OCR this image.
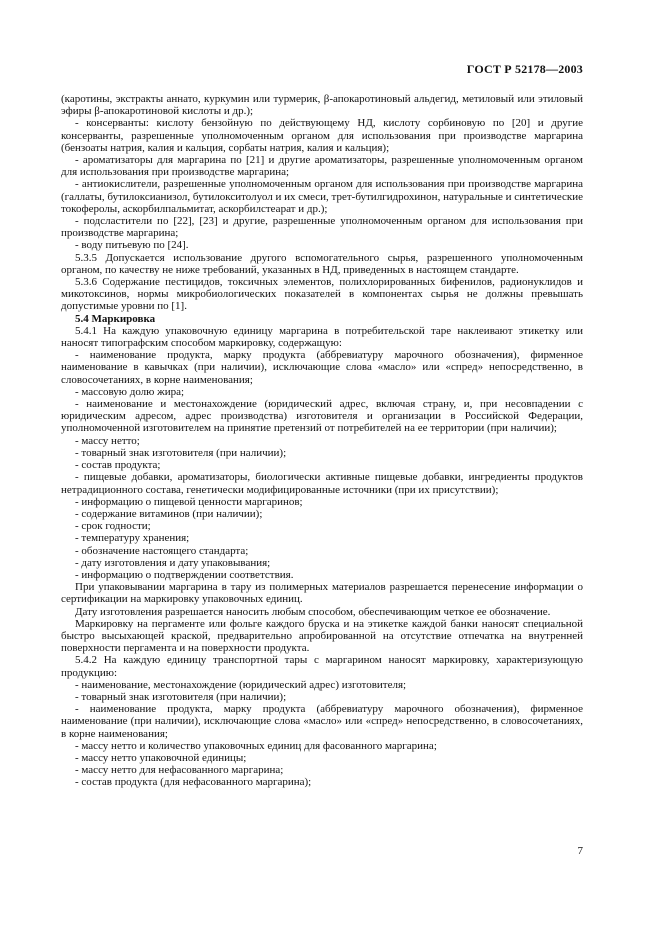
ГОСТ Р 52178—2003

(каротины, экстракты аннато, куркумин или турмерик, β-апокаротиновый альдегид, метиловый или этиловый эфиры β-апокаротиновой кислоты и др.);

- консерванты: кислоту бензойную по действующему НД, кислоту сорбиновую по [20] и другие консерванты, разрешенные уполномоченным органом для использования при производстве маргарина (бензоаты натрия, калия и кальция, сорбаты натрия, калия и кальция);

- ароматизаторы для маргарина по [21] и другие ароматизаторы, разрешенные уполномоченным органом для использования при производстве маргарина;

- антиокислители, разрешенные уполномоченным органом для использования при производстве маргарина (галлаты, бутилоксианизол, бутилокситолуол и их смеси, трет-бутилгидрохинон, натуральные и синтетические токоферолы, аскорбилпальмитат, аскорбилстеарат и др.);

- подсластители по [22], [23] и другие, разрешенные уполномоченным органом для использования при производстве маргарина;

- воду питьевую по [24].

5.3.5 Допускается использование другого вспомогательного сырья, разрешенного уполномоченным органом, по качеству не ниже требований, указанных в НД, приведенных в настоящем стандарте.

5.3.6 Содержание пестицидов, токсичных элементов, полихлорированных бифенилов, радионуклидов и микотоксинов, нормы микробиологических показателей в компонентах сырья не должны превышать допустимые уровни по [1].

5.4 Маркировка

5.4.1 На каждую упаковочную единицу маргарина в потребительской таре наклеивают этикетку или наносят типографским способом маркировку, содержащую:

- наименование продукта, марку продукта (аббревиатуру марочного обозначения), фирменное наименование в кавычках (при наличии), исключающие слова «масло» или «спред» непосредственно, в словосочетаниях, в корне наименования;

- массовую долю жира;

- наименование и местонахождение (юридический адрес, включая страну, и, при несовпадении с юридическим адресом, адрес производства) изготовителя и организации в Российской Федерации, уполномоченной изготовителем на принятие претензий от потребителей на ее территории (при наличии);

- массу нетто;

- товарный знак изготовителя (при наличии);

- состав продукта;

- пищевые добавки, ароматизаторы, биологически активные пищевые добавки, ингредиенты продуктов нетрадиционного состава, генетически модифицированные источники (при их присутствии);

- информацию о пищевой ценности маргаринов;

- содержание витаминов (при наличии);

- срок годности;

- температуру хранения;

- обозначение настоящего стандарта;

- дату изготовления и дату упаковывания;

- информацию о подтверждении соответствия.

При упаковывании маргарина в тару из полимерных материалов разрешается перенесение информации о сертификации на маркировку упаковочных единиц.

Дату изготовления разрешается наносить любым способом, обеспечивающим четкое ее обозначение.

Маркировку на пергаменте или фольге каждого бруска и на этикетке каждой банки наносят специальной быстро высыхающей краской, предварительно апробированной на отсутствие отпечатка на внутренней поверхности пергамента и на поверхности продукта.

5.4.2 На каждую единицу транспортной тары с маргарином наносят маркировку, характеризующую продукцию:

- наименование, местонахождение (юридический адрес) изготовителя;

- товарный знак изготовителя (при наличии);

- наименование продукта, марку продукта (аббревиатуру марочного обозначения), фирменное наименование (при наличии), исключающие слова «масло» или «спред» непосредственно, в словосочетаниях, в корне наименования;

- массу нетто и количество упаковочных единиц для фасованного маргарина;

- массу нетто упаковочной единицы;

- массу нетто для нефасованного маргарина;

- состав продукта (для нефасованного маргарина);

7
